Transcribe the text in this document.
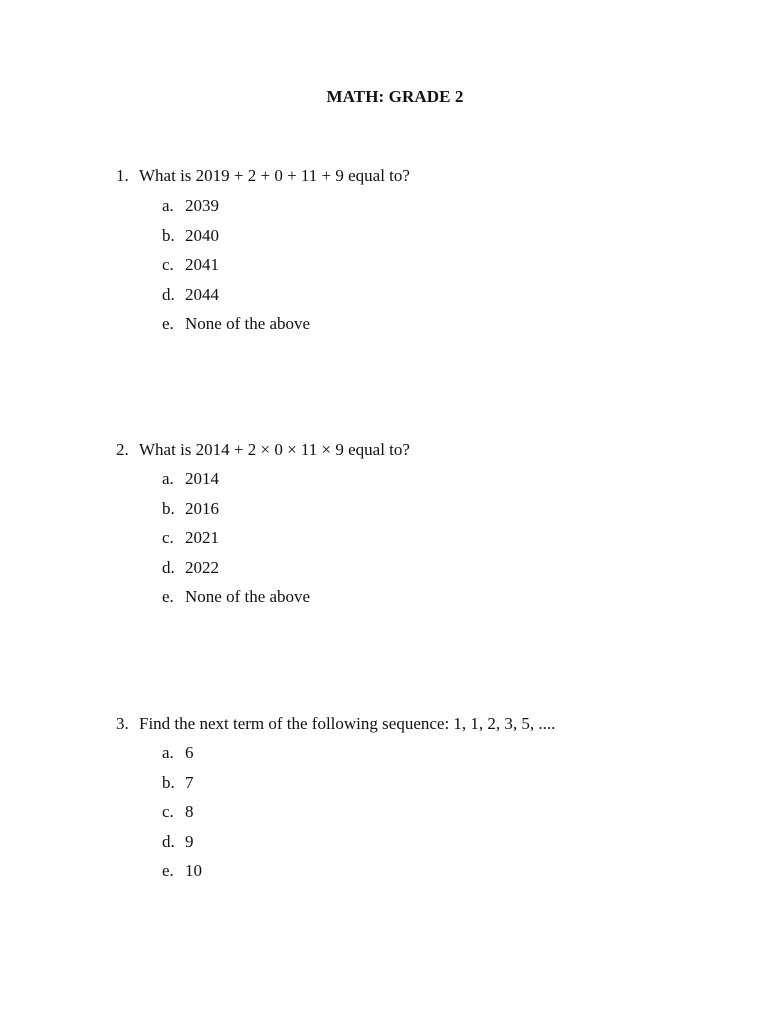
MATH: GRADE 2
1. What is 2019 + 2 + 0 + 11 + 9 equal to?
a. 2039
b. 2040
c. 2041
d. 2044
e. None of the above
2. What is 2014 + 2 × 0 × 11 × 9 equal to?
a. 2014
b. 2016
c. 2021
d. 2022
e. None of the above
3. Find the next term of the following sequence: 1, 1, 2, 3, 5, ....
a. 6
b. 7
c. 8
d. 9
e. 10
